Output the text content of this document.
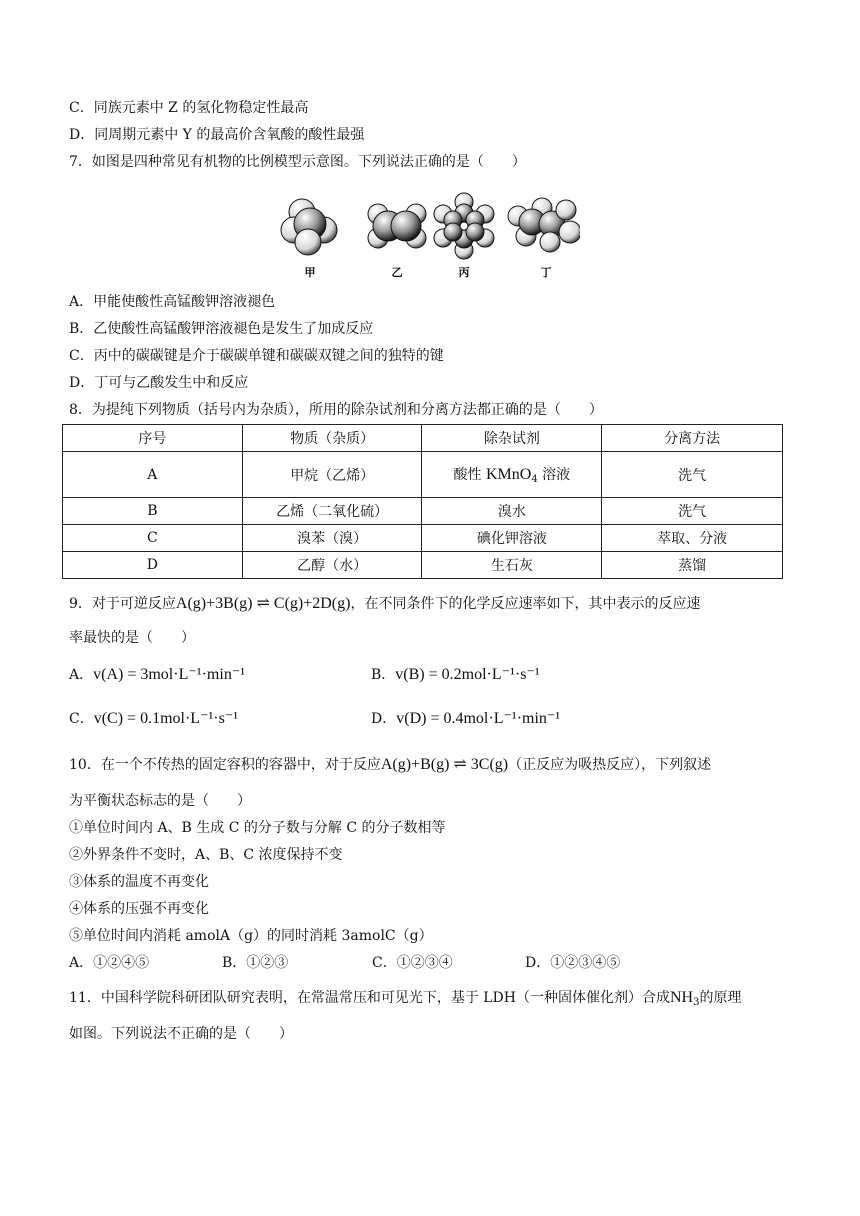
C．同族元素中 Z 的氢化物稳定性最高
D．同周期元素中 Y 的最高价含氧酸的酸性最强
7．如图是四种常见有机物的比例模型示意图。下列说法正确的是（　　）
甲	乙	丙	丁
A．甲能使酸性高锰酸钾溶液褪色
B．乙使酸性高锰酸钾溶液褪色是发生了加成反应
C．丙中的碳碳键是介于碳碳单键和碳碳双键之间的独特的键
D．丁可与乙酸发生中和反应
8．为提纯下列物质（括号内为杂质），所用的除杂试剂和分离方法都正确的是（　　）
序号	物质（杂质）	除杂试剂	分离方法
A	甲烷（乙烯）	酸性 KMnO$_4$ 溶液	洗气
B	乙烯（二氧化硫）	溴水	洗气
C	溴苯（溴）	碘化钾溶液	萃取、分液
D	乙醇（水）	生石灰	蒸馏
9．对于可逆反应A(g)+3B(g) ⇌ C(g)+2D(g)，在不同条件下的化学反应速率如下，其中表示的反应速
率最快的是（　　）
A．v(A) = 3mol·L⁻¹·min⁻¹	B．v(B) = 0.2mol·L⁻¹·s⁻¹
C．v(C) = 0.1mol·L⁻¹·s⁻¹	D．v(D) = 0.4mol·L⁻¹·min⁻¹
10．在一个不传热的固定容积的容器中，对于反应A(g)+B(g) ⇌ 3C(g)（正反应为吸热反应），下列叙述
为平衡状态标志的是（　　）
①单位时间内 A、B 生成 C 的分子数与分解 C 的分子数相等
②外界条件不变时，A、B、C 浓度保持不变
③体系的温度不再变化
④体系的压强不再变化
⑤单位时间内消耗 amolA（g）的同时消耗 3amolC（g）
A．①②④⑤	B．①②③	C．①②③④	D．①②③④⑤
11．中国科学院科研团队研究表明，在常温常压和可见光下，基于 LDH（一种固体催化剂）合成$NH_3$的原理
如图。下列说法不正确的是（　　）
